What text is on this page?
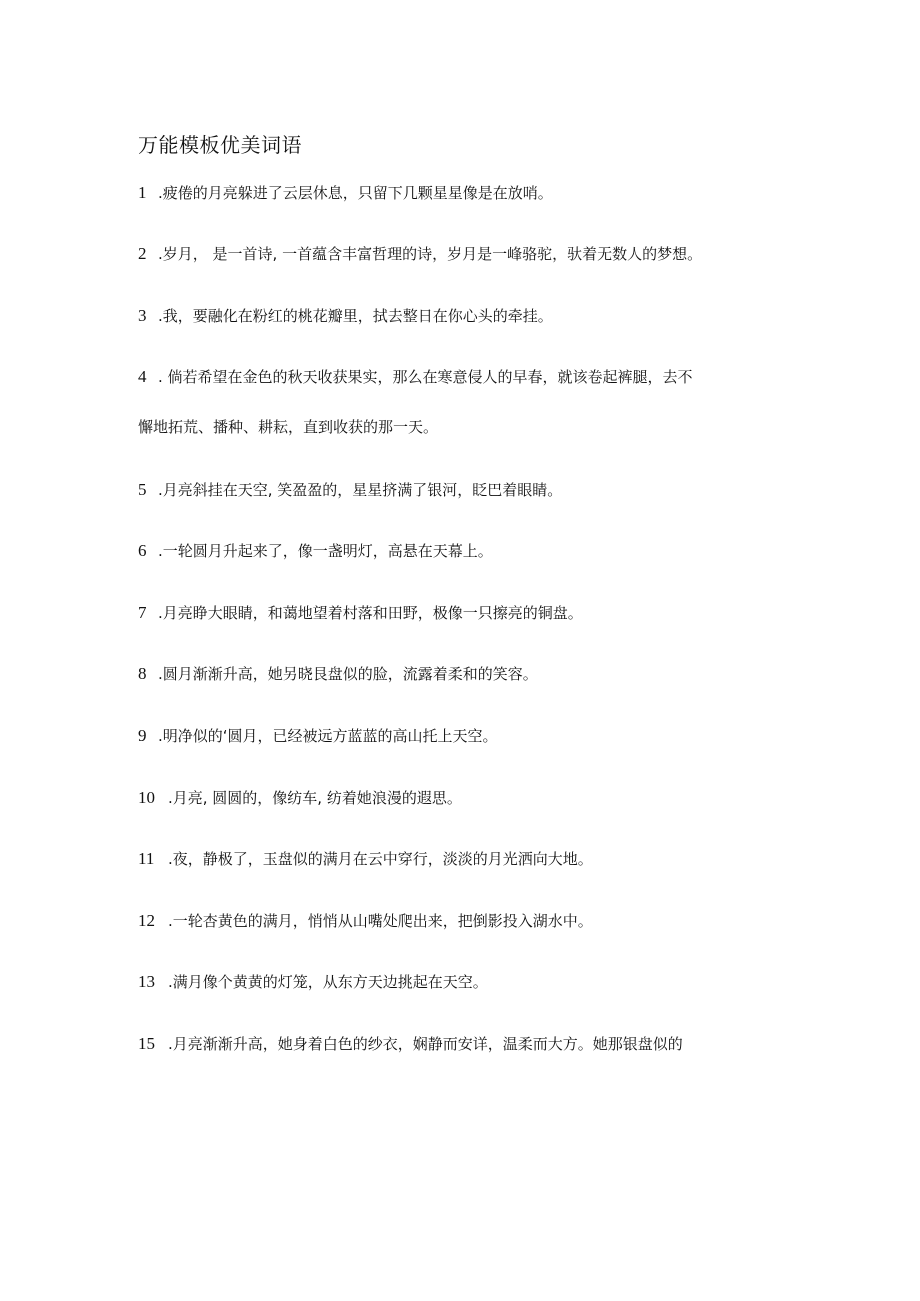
万能模板优美词语
1 .疲倦的月亮躲进了云层休息，只留下几颗星星像是在放哨。
2 .岁月， 是一首诗, 一首蕴含丰富哲理的诗，岁月是一峰骆驼，驮着无数人的梦想。
3 .我，要融化在粉红的桃花瓣里，拭去整日在你心头的牵挂。
4 . 倘若希望在金色的秋天收获果实，那么在寒意侵人的早春，就该卷起裤腿，去不
懈地拓荒、播种、耕耘，直到收获的那一天。
5 .月亮斜挂在天空, 笑盈盈的，星星挤满了银河，眨巴着眼睛。
6 .一轮圆月升起来了，像一盏明灯，高悬在天幕上。
7 .月亮睁大眼睛，和蔼地望着村落和田野，极像一只擦亮的铜盘。
8 .圆月渐渐升高，她另晓艮盘似的脸，流露着柔和的笑容。
9 .明净似的‘圆月，已经被远方蓝蓝的高山托上天空。
10 .月亮, 圆圆的，像纺车, 纺着她浪漫的遐思。
11 .夜，静极了，玉盘似的满月在云中穿行，淡淡的月光洒向大地。
12 .一轮杏黄色的满月，悄悄从山嘴处爬出来，把倒影投入湖水中。
13 .满月像个黄黄的灯笼，从东方天边挑起在天空。
15 .月亮渐渐升高，她身着白色的纱衣，娴静而安详，温柔而大方。她那银盘似的
